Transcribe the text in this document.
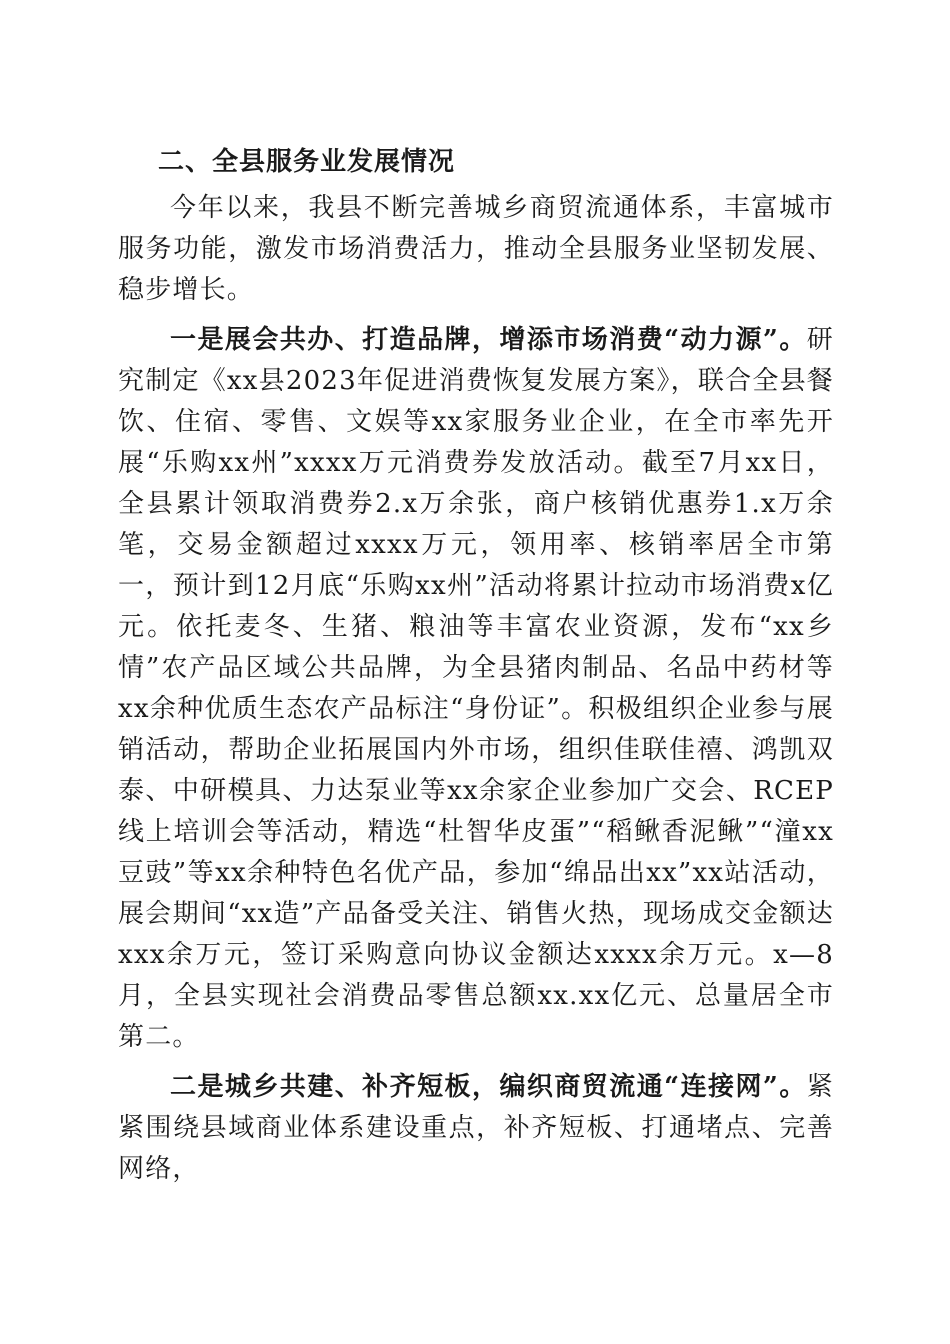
二、全县服务业发展情况

今年以来，我县不断完善城乡商贸流通体系，丰富城市服务功能，激发市场消费活力，推动全县服务业坚韧发展、稳步增长。

一是展会共办、打造品牌，增添市场消费“动力源”。研究制定《xx县2023年促进消费恢复发展方案》，联合全县餐饮、住宿、零售、文娱等xx家服务业企业，在全市率先开展“乐购xx州”xxxx万元消费券发放活动。截至7月xx日，全县累计领取消费券2.x万余张，商户核销优惠券1.x万余笔，交易金额超过xxxx万元，领用率、核销率居全市第一，预计到12月底“乐购xx州”活动将累计拉动市场消费x亿元。依托麦冬、生猪、粮油等丰富农业资源，发布“xx乡情”农产品区域公共品牌，为全县猪肉制品、名品中药材等xx余种优质生态农产品标注“身份证”。积极组织企业参与展销活动，帮助企业拓展国内外市场，组织佳联佳禧、鸿凯双泰、中研模具、力达泵业等xx余家企业参加广交会、RCEP线上培训会等活动，精选“杜智华皮蛋”“稻鳅香泥鳅”“潼xx豆豉”等xx余种特色名优产品，参加“绵品出xx”xx站活动，展会期间“xx造”产品备受关注、销售火热，现场成交金额达xxx余万元，签订采购意向协议金额达xxxx余万元。x—8月，全县实现社会消费品零售总额xx.xx亿元、总量居全市第二。

二是城乡共建、补齐短板，编织商贸流通“连接网”。紧紧围绕县域商业体系建设重点，补齐短板、打通堵点、完善网络，
